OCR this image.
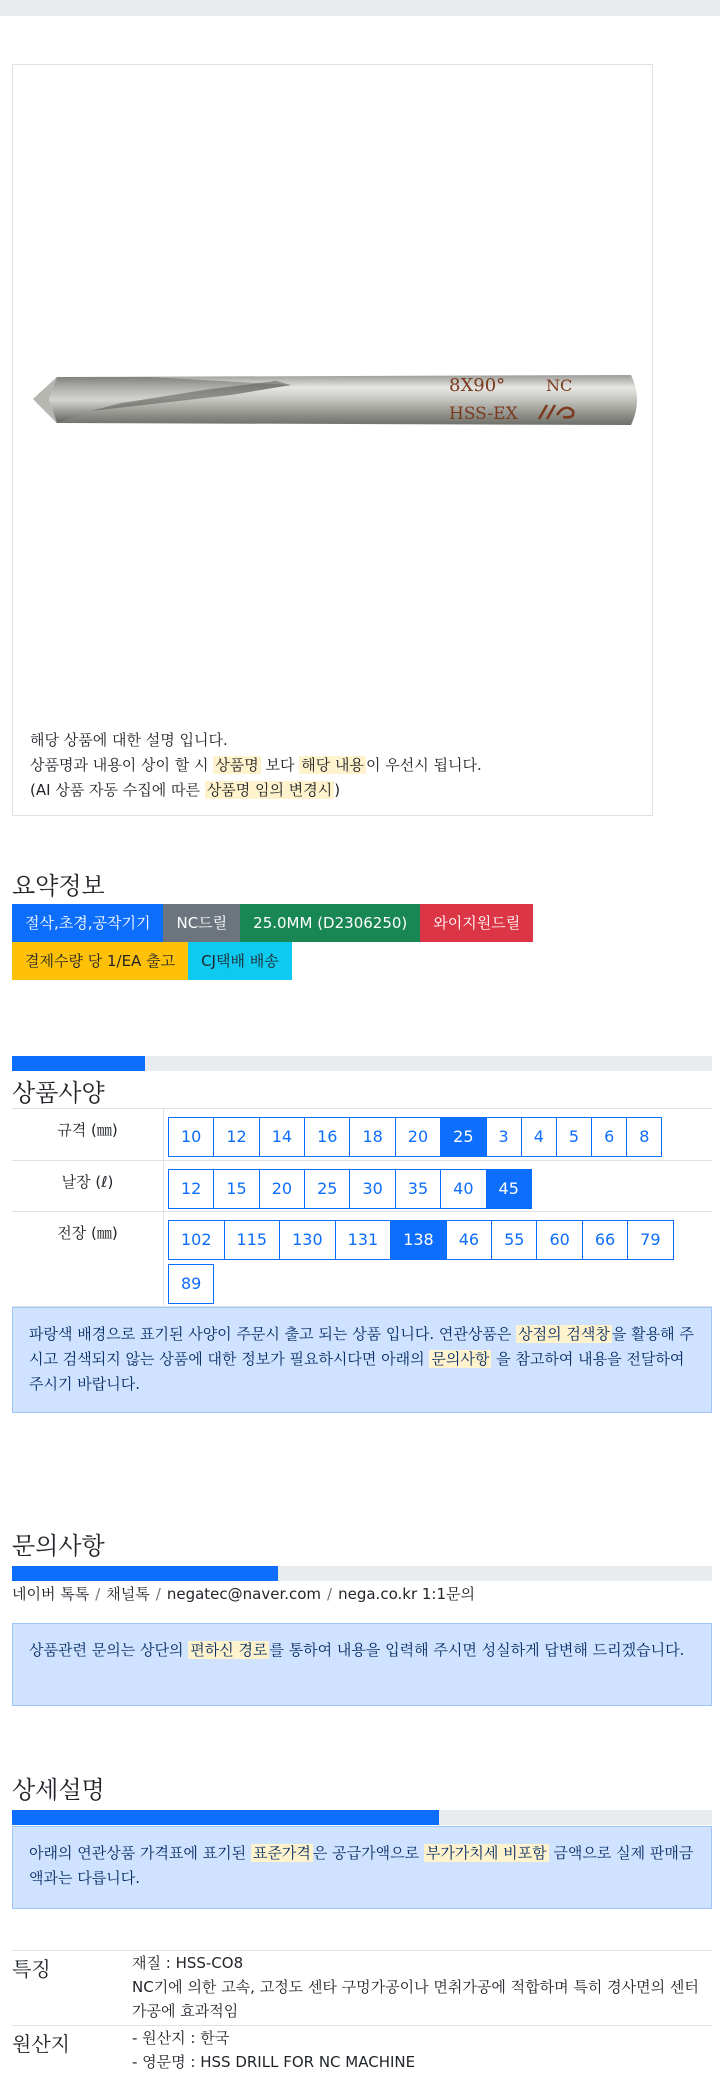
8X90°	NC
HSS-EX
해당 상품에 대한 설명 입니다.
상품명과 내용이 상이 할 시 상품명 보다 해당 내용 이 우선시 됩니다.
(AI 상품 자동 수집에 따른 상품명 임의 변경시 )
요약정보
절삭,초경,공작기기	NC드릴	25.0MM (D2306250)	와이지원드릴
결제수량 당 1/EA 출고	CJ택배 배송
상품사양
규격 (㎜)	10	12	14	16	18	20	25	3	4	5	6	8
날장 (ℓ)	12	15	20	25	30	35	40	45
전장 (㎜)	102	115	130	131	138	46	55	60	66	79
89
파랑색 배경으로 표기된 사양이 주문시 출고 되는 상품 입니다. 연관상품은 상점의 검색창 을 활용해 주시고 검색되지 않는 상품에 대한 정보가 필요하시다면 아래의 문의사항 을 참고하여 내용을 전달하여 주시기 바랍니다.
문의사항
네이버 톡톡 / 채널톡 / negatec@naver.com / nega.co.kr 1:1문의
상품관련 문의는 상단의 편하신 경로 를 통하여 내용을 입력해 주시면 성실하게 답변해 드리겠습니다.
상세설명
아래의 연관상품 가격표에 표기된 표준가격 은 공급가액으로 부가가치세 비포함 금액으로 실제 판매금액과는 다릅니다.
특징	재질 : HSS-CO8
NC기에 의한 고속, 고정도 센타 구멍가공이나 면취가공에 적합하며 특히 경사면의 센터가공에 효과적임
원산지	- 원산지 : 한국
- 영문명 : HSS DRILL FOR NC MACHINE
